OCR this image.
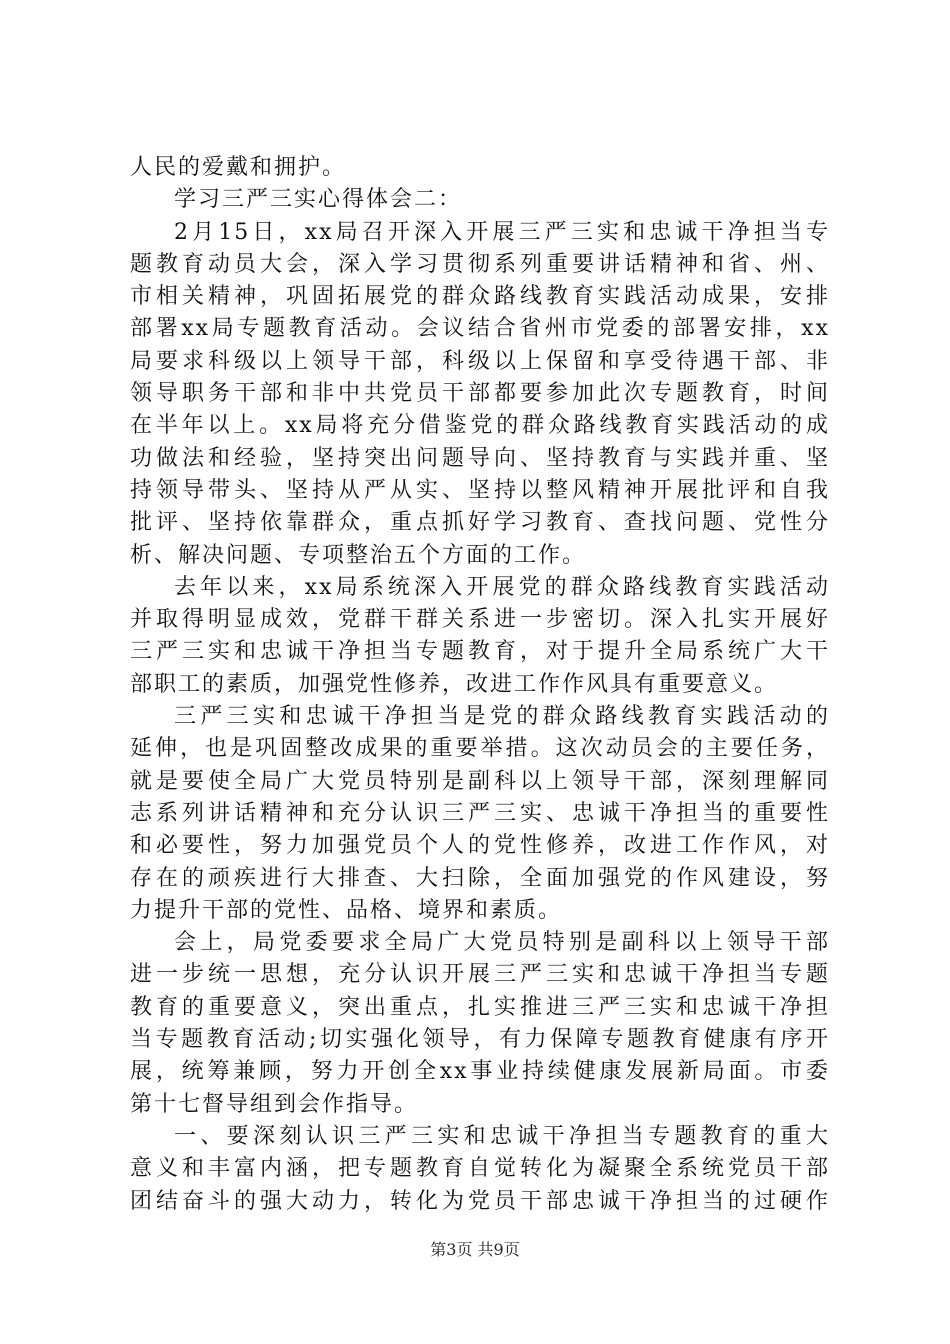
人民的爱戴和拥护。
学习三严三实心得体会二：
2月15日，xx局召开深入开展三严三实和忠诚干净担当专
题教育动员大会，深入学习贯彻系列重要讲话精神和省、州、
市相关精神，巩固拓展党的群众路线教育实践活动成果，安排
部署xx局专题教育活动。会议结合省州市党委的部署安排，xx
局要求科级以上领导干部，科级以上保留和享受待遇干部、非
领导职务干部和非中共党员干部都要参加此次专题教育，时间
在半年以上。xx局将充分借鉴党的群众路线教育实践活动的成
功做法和经验，坚持突出问题导向、坚持教育与实践并重、坚
持领导带头、坚持从严从实、坚持以整风精神开展批评和自我
批评、坚持依靠群众，重点抓好学习教育、查找问题、党性分
析、解决问题、专项整治五个方面的工作。
去年以来，xx局系统深入开展党的群众路线教育实践活动
并取得明显成效，党群干群关系进一步密切。深入扎实开展好
三严三实和忠诚干净担当专题教育，对于提升全局系统广大干
部职工的素质，加强党性修养，改进工作作风具有重要意义。
三严三实和忠诚干净担当是党的群众路线教育实践活动的
延伸，也是巩固整改成果的重要举措。这次动员会的主要任务，
就是要使全局广大党员特别是副科以上领导干部，深刻理解同
志系列讲话精神和充分认识三严三实、忠诚干净担当的重要性
和必要性，努力加强党员个人的党性修养，改进工作作风，对
存在的顽疾进行大排查、大扫除，全面加强党的作风建设，努
力提升干部的党性、品格、境界和素质。
会上，局党委要求全局广大党员特别是副科以上领导干部
进一步统一思想，充分认识开展三严三实和忠诚干净担当专题
教育的重要意义，突出重点，扎实推进三严三实和忠诚干净担
当专题教育活动;切实强化领导，有力保障专题教育健康有序开
展，统筹兼顾，努力开创全xx事业持续健康发展新局面。市委
第十七督导组到会作指导。
一、要深刻认识三严三实和忠诚干净担当专题教育的重大
意义和丰富内涵，把专题教育自觉转化为凝聚全系统党员干部
团结奋斗的强大动力，转化为党员干部忠诚干净担当的过硬作
第3页 共9页
